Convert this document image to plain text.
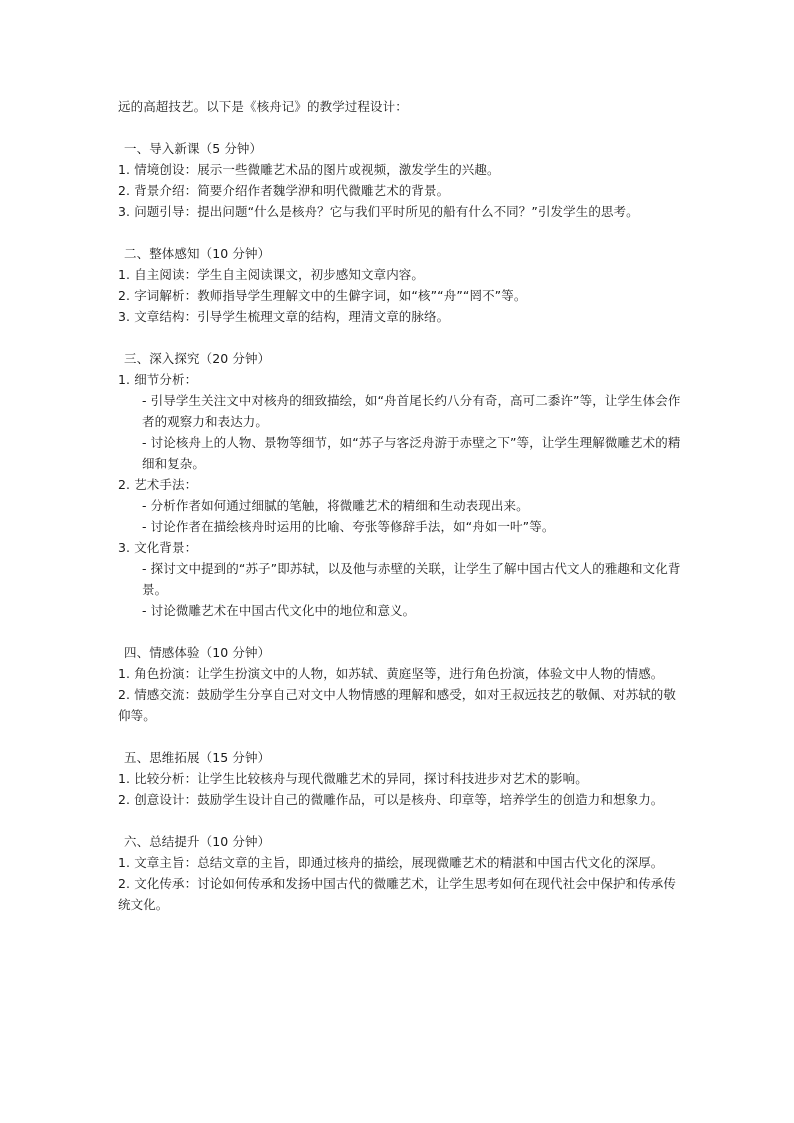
远的高超技艺。以下是《核舟记》的教学过程设计：

一、导入新课（5 分钟）

1. 情境创设：展示一些微雕艺术品的图片或视频，激发学生的兴趣。

2. 背景介绍：简要介绍作者魏学洢和明代微雕艺术的背景。

3. 问题引导：提出问题“什么是核舟？它与我们平时所见的船有什么不同？”引发学生的思考。

二、整体感知（10 分钟）

1. 自主阅读：学生自主阅读课文，初步感知文章内容。

2. 字词解析：教师指导学生理解文中的生僻字词，如“核”“舟”“罔不”等。

3. 文章结构：引导学生梳理文章的结构，理清文章的脉络。

三、深入探究（20 分钟）

1. 细节分析：

- 引导学生关注文中对核舟的细致描绘，如“舟首尾长约八分有奇，高可二黍许”等，让学生体会作者的观察力和表达力。

- 讨论核舟上的人物、景物等细节，如“苏子与客泛舟游于赤壁之下”等，让学生理解微雕艺术的精细和复杂。

2. 艺术手法：

- 分析作者如何通过细腻的笔触，将微雕艺术的精细和生动表现出来。

- 讨论作者在描绘核舟时运用的比喻、夸张等修辞手法，如“舟如一叶”等。

3. 文化背景：

- 探讨文中提到的“苏子”即苏轼，以及他与赤壁的关联，让学生了解中国古代文人的雅趣和文化背景。

- 讨论微雕艺术在中国古代文化中的地位和意义。

四、情感体验（10 分钟）

1. 角色扮演：让学生扮演文中的人物，如苏轼、黄庭坚等，进行角色扮演，体验文中人物的情感。

2. 情感交流：鼓励学生分享自己对文中人物情感的理解和感受，如对王叔远技艺的敬佩、对苏轼的敬仰等。

五、思维拓展（15 分钟）

1. 比较分析：让学生比较核舟与现代微雕艺术的异同，探讨科技进步对艺术的影响。

2. 创意设计：鼓励学生设计自己的微雕作品，可以是核舟、印章等，培养学生的创造力和想象力。

六、总结提升（10 分钟）

1. 文章主旨：总结文章的主旨，即通过核舟的描绘，展现微雕艺术的精湛和中国古代文化的深厚。

2. 文化传承：讨论如何传承和发扬中国古代的微雕艺术，让学生思考如何在现代社会中保护和传承传统文化。
